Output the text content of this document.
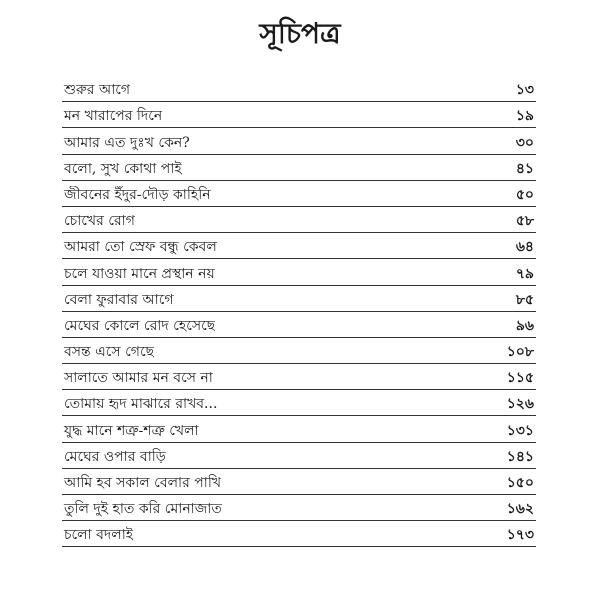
সূচিপত্র
শুরুর আগে	১৩
মন খারাপের দিনে	১৯
আমার এত দুঃখ কেন?	৩০
বলো, সুখ কোথা পাই	৪১
জীবনের ইঁদুর-দৌড় কাহিনি	৫০
চোখের রোগ	৫৮
আমরা তো স্রেফ বন্ধু কেবল	৬৪
চলে যাওয়া মানে প্রস্থান নয়	৭৯
বেলা ফুরাবার আগে	৮৫
মেঘের কোলে রোদ হেসেছে	৯৬
বসন্ত এসে গেছে	১০৮
সালাতে আমার মন বসে না	১১৫
তোমায় হৃদ মাঝারে রাখব...	১২৬
যুদ্ধ মানে শত্রু-শত্রু খেলা	১৩১
মেঘের ওপার বাড়ি	১৪১
আমি হব সকাল বেলার পাখি	১৫০
তুলি দুই হাত করি মোনাজাত	১৬২
চলো বদলাই	১৭৩
